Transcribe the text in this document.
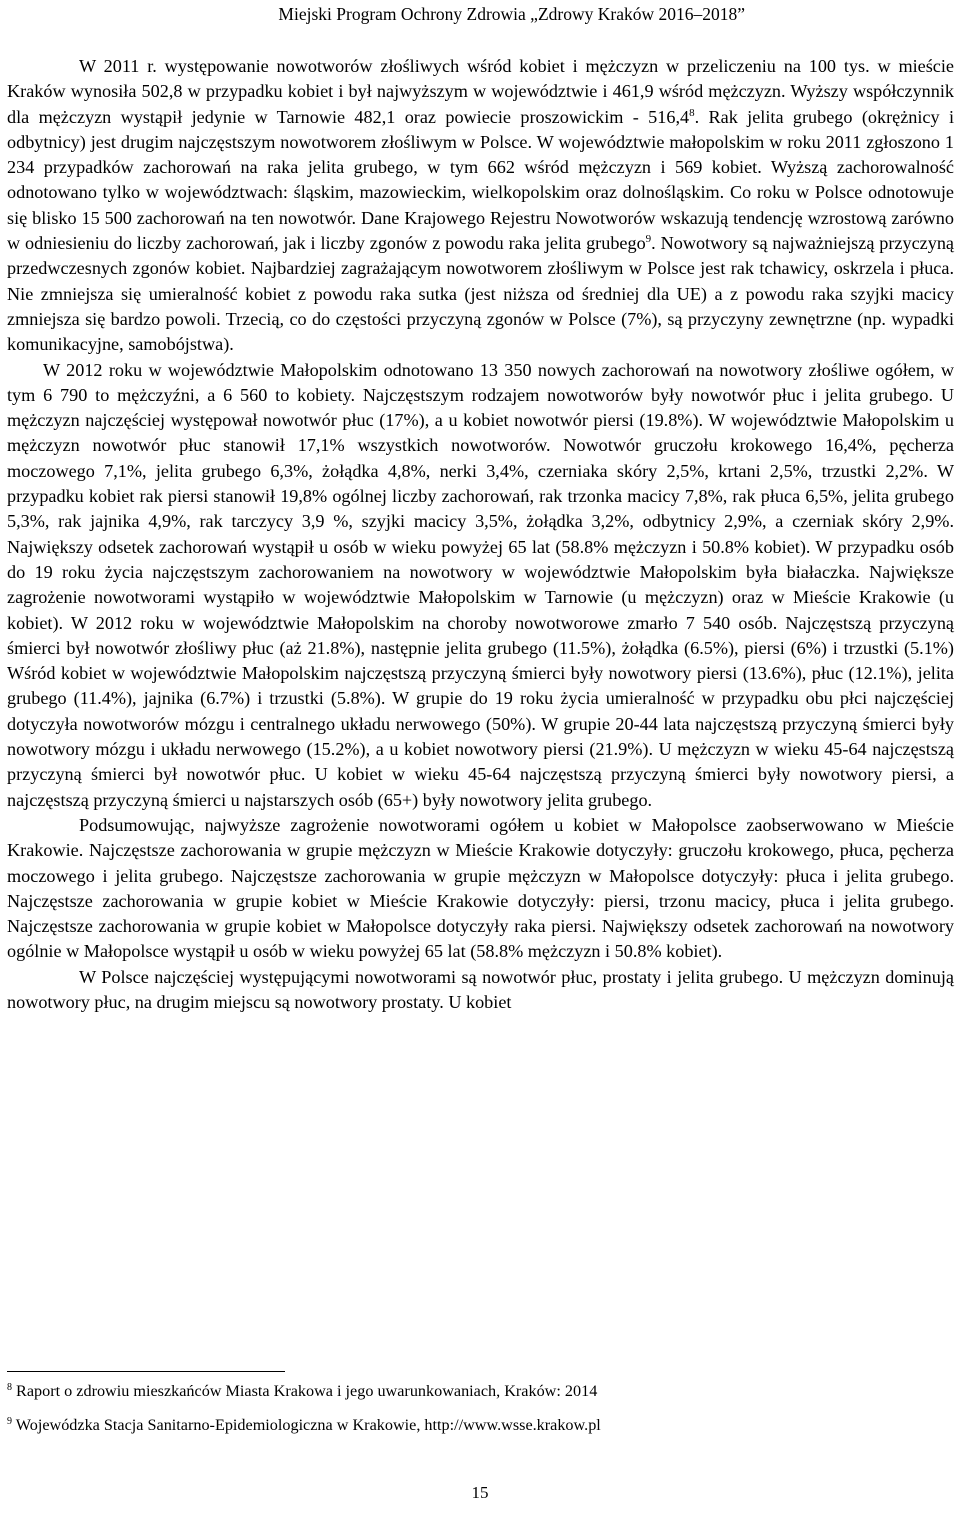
Miejski Program Ochrony Zdrowia „Zdrowy Kraków 2016–2018”

W 2011 r. występowanie nowotworów złośliwych wśród kobiet i mężczyzn w przeliczeniu na 100 tys. w mieście Kraków wynosiła 502,8 w przypadku kobiet i był najwyższym w województwie i 461,9 wśród mężczyzn. Wyższy współczynnik dla mężczyzn wystąpił jedynie w Tarnowie 482,1 oraz powiecie proszowickim - 516,4$^8$. Rak jelita grubego (okrężnicy i odbytnicy) jest drugim najczęstszym nowotworem złośliwym w Polsce. W województwie małopolskim w roku 2011 zgłoszono 1 234 przypadków zachorowań na raka jelita grubego, w tym 662 wśród mężczyzn i 569 kobiet. Wyższą zachorowalność odnotowano tylko w województwach: śląskim, mazowieckim, wielkopolskim oraz dolnośląskim. Co roku w Polsce odnotowuje się blisko 15 500 zachorowań na ten nowotwór. Dane Krajowego Rejestru Nowotworów wskazują tendencję wzrostową zarówno w odniesieniu do liczby zachorowań, jak i liczby zgonów z powodu raka jelita grubego$^9$. Nowotwory są najważniejszą przyczyną przedwczesnych zgonów kobiet. Najbardziej zagrażającym nowotworem złośliwym w Polsce jest rak tchawicy, oskrzela i płuca. Nie zmniejsza się umieralność kobiet z powodu raka sutka (jest niższa od średniej dla UE) a z powodu raka szyjki macicy zmniejsza się bardzo powoli. Trzecią, co do częstości przyczyną zgonów w Polsce (7%), są przyczyny zewnętrzne (np. wypadki komunikacyjne, samobójstwa).

W 2012 roku w województwie Małopolskim odnotowano 13 350 nowych zachorowań na nowotwory złośliwe ogółem, w tym 6 790 to mężczyźni, a 6 560 to kobiety. Najczęstszym rodzajem nowotworów były nowotwór płuc i jelita grubego. U mężczyzn najczęściej występował nowotwór płuc (17%), a u kobiet nowotwór piersi (19.8%). W województwie Małopolskim u mężczyzn nowotwór płuc stanowił 17,1% wszystkich nowotworów. Nowotwór gruczołu krokowego 16,4%, pęcherza moczowego 7,1%, jelita grubego 6,3%, żołądka 4,8%, nerki 3,4%, czerniaka skóry 2,5%, krtani 2,5%, trzustki 2,2%. W przypadku kobiet rak piersi stanowił 19,8% ogólnej liczby zachorowań, rak trzonka macicy 7,8%, rak płuca 6,5%, jelita grubego 5,3%, rak jajnika 4,9%, rak tarczycy 3,9 %, szyjki macicy 3,5%, żołądka 3,2%, odbytnicy 2,9%, a czerniak skóry 2,9%. Największy odsetek zachorowań wystąpił u osób w wieku powyżej 65 lat (58.8% mężczyzn i 50.8% kobiet). W przypadku osób do 19 roku życia najczęstszym zachorowaniem na nowotwory w województwie Małopolskim była białaczka. Największe zagrożenie nowotworami wystąpiło w województwie Małopolskim w Tarnowie (u mężczyzn) oraz w Mieście Krakowie (u kobiet). W 2012 roku w województwie Małopolskim na choroby nowotworowe zmarło 7 540 osób. Najczęstszą przyczyną śmierci był nowotwór złośliwy płuc (aż 21.8%), następnie jelita grubego (11.5%), żołądka (6.5%), piersi (6%) i trzustki (5.1%) Wśród kobiet w województwie Małopolskim najczęstszą przyczyną śmierci były nowotwory piersi (13.6%), płuc (12.1%), jelita grubego (11.4%), jajnika (6.7%) i trzustki (5.8%). W grupie do 19 roku życia umieralność w przypadku obu płci najczęściej dotyczyła nowotworów mózgu i centralnego układu nerwowego (50%). W grupie 20-44 lata najczęstszą przyczyną śmierci były nowotwory mózgu i układu nerwowego (15.2%), a u kobiet nowotwory piersi (21.9%). U mężczyzn w wieku 45-64 najczęstszą przyczyną śmierci był nowotwór płuc. U kobiet w wieku 45-64 najczęstszą przyczyną śmierci były nowotwory piersi, a najczęstszą przyczyną śmierci u najstarszych osób (65+) były nowotwory jelita grubego.

Podsumowując, najwyższe zagrożenie nowotworami ogółem u kobiet w Małopolsce zaobserwowano w Mieście Krakowie. Najczęstsze zachorowania w grupie mężczyzn w Mieście Krakowie dotyczyły: gruczołu krokowego, płuca, pęcherza moczowego i jelita grubego. Najczęstsze zachorowania w grupie mężczyzn w Małopolsce dotyczyły: płuca i jelita grubego. Najczęstsze zachorowania w grupie kobiet w Mieście Krakowie dotyczyły: piersi, trzonu macicy, płuca i jelita grubego. Najczęstsze zachorowania w grupie kobiet w Małopolsce dotyczyły raka piersi. Największy odsetek zachorowań na nowotwory ogólnie w Małopolsce wystąpił u osób w wieku powyżej 65 lat (58.8% mężczyzn i 50.8% kobiet).

W Polsce najczęściej występującymi nowotworami są nowotwór płuc, prostaty i jelita grubego. U mężczyzn dominują nowotwory płuc, na drugim miejscu są nowotwory prostaty. U kobiet

$^8$ Raport o zdrowiu mieszkańców Miasta Krakowa i jego uwarunkowaniach, Kraków: 2014

$^9$ Wojewódzka Stacja Sanitarno-Epidemiologiczna w Krakowie, http://www.wsse.krakow.pl

15
